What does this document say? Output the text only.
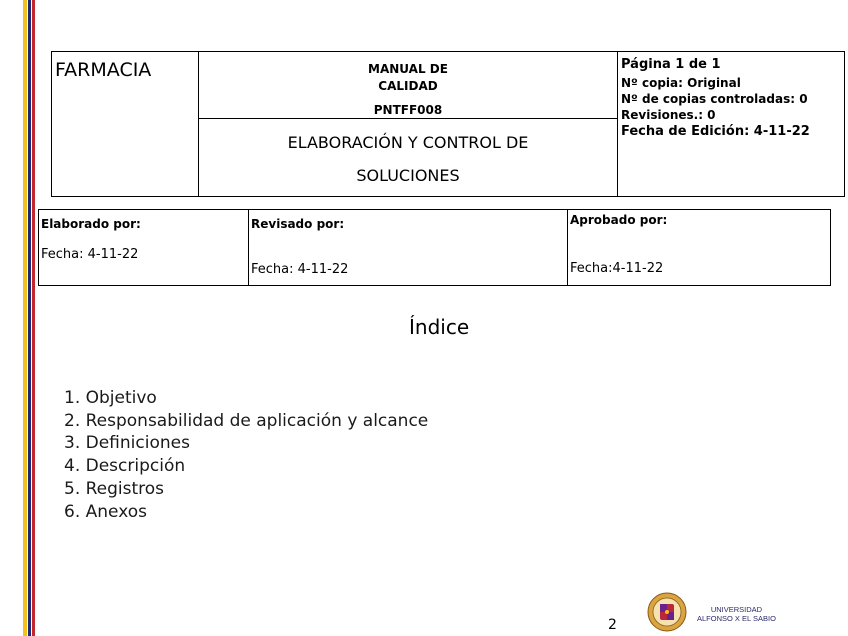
FARMACIA	MANUAL DE
CALIDAD
PNTFF008
ELABORACIÓN Y CONTROL DE
SOLUCIONES
Página 1 de 1
Nº copia: Original
Nº de copias controladas: 0
Revisiones.: 0
Fecha de Edición: 4-11-22
Elaborado por:
Fecha: 4-11-22
Revisado por:
Fecha: 4-11-22
Aprobado por:
Fecha:4-11-22
Índice
1. Objetivo
2. Responsabilidad de aplicación y alcance
3. Definiciones
4. Descripción
5. Registros
6. Anexos
2
UNIVERSIDAD
ALFONSO X EL SABIO
